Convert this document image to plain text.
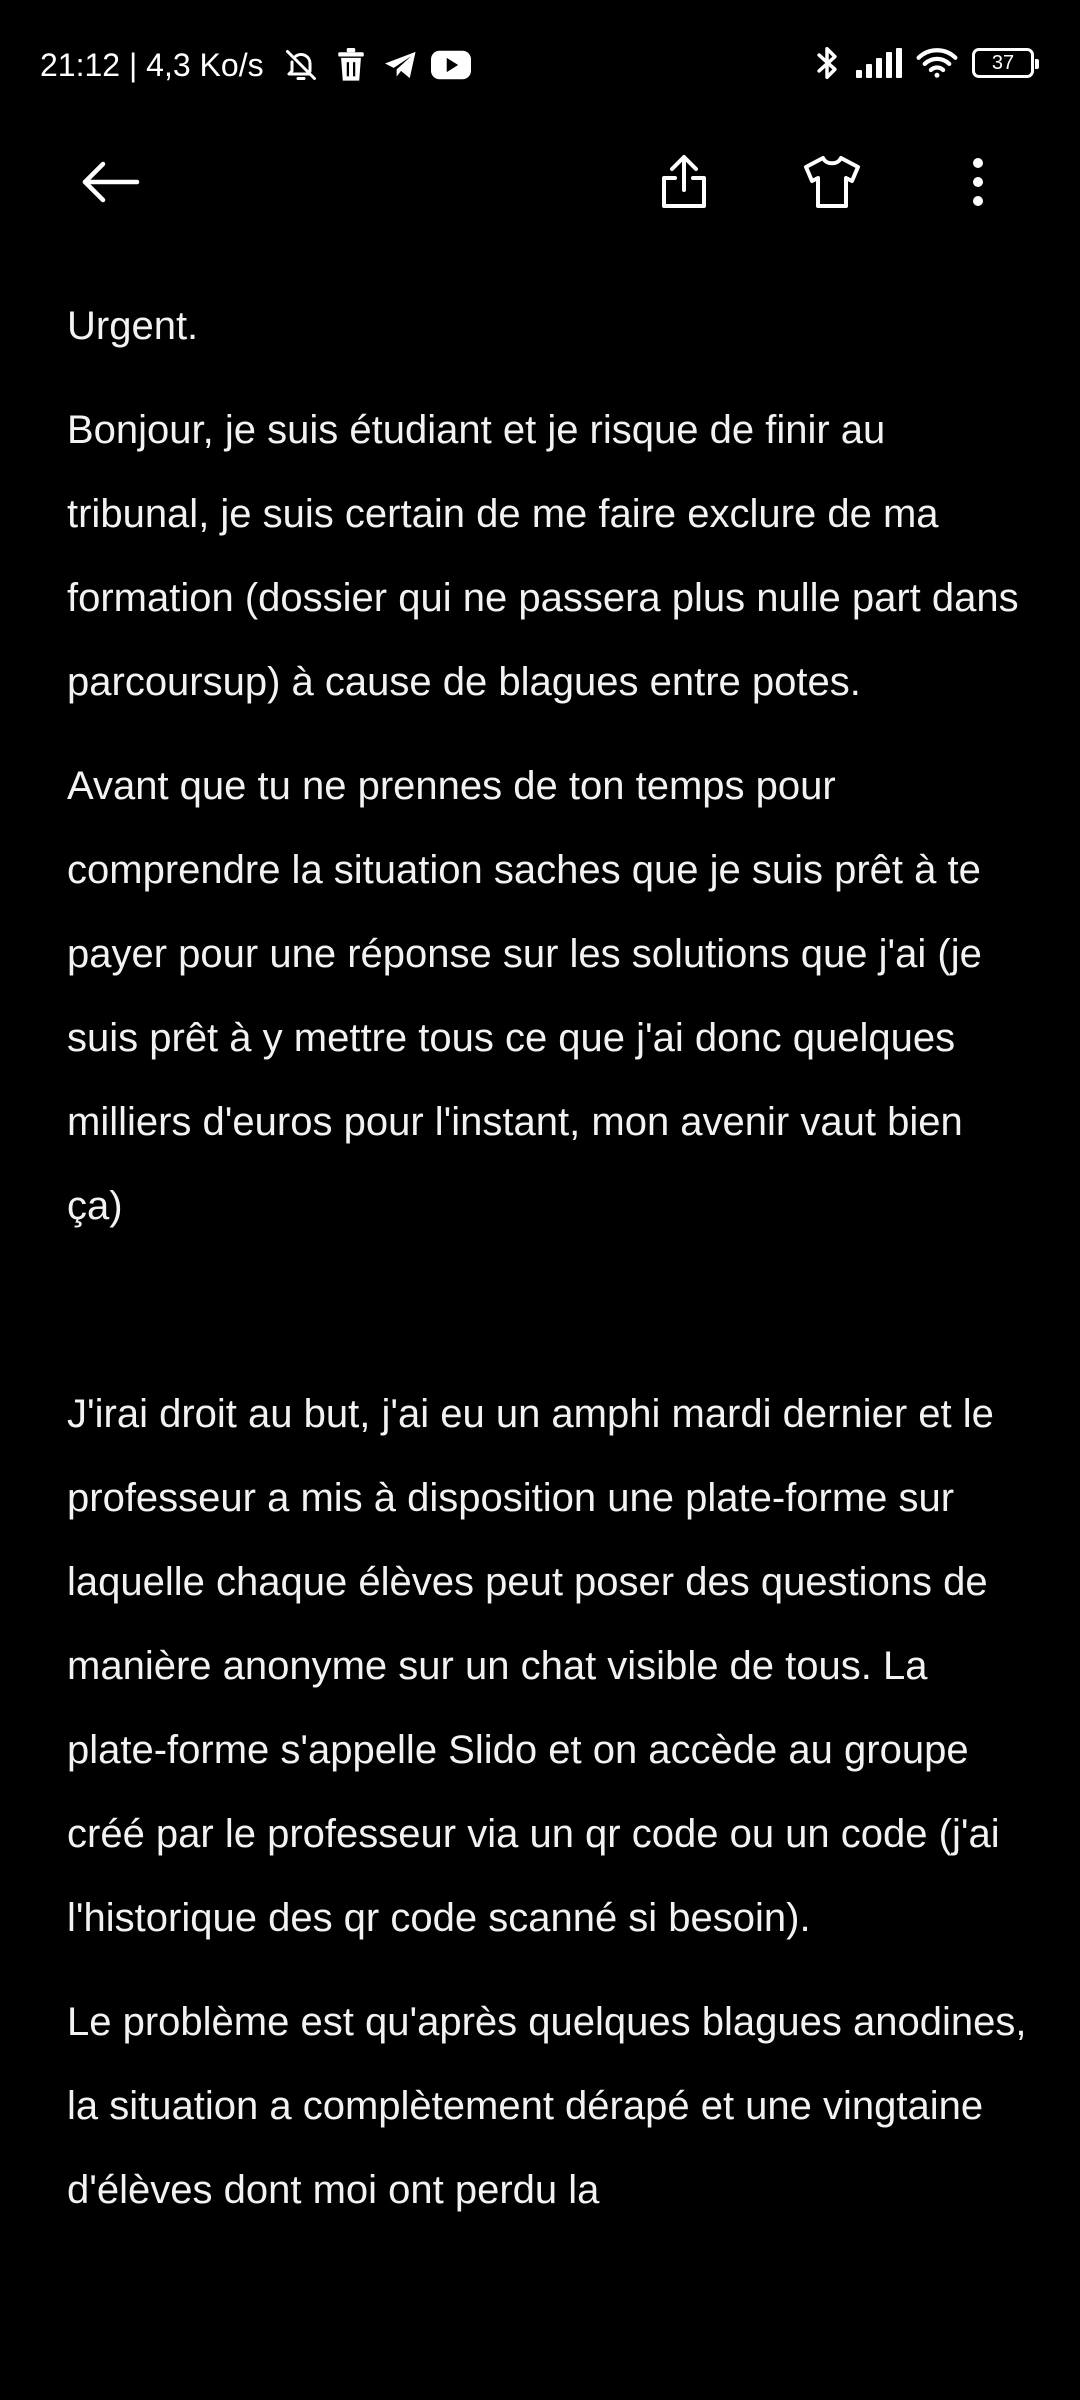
21:12 | 4,3 Ko/s	37

Urgent.

Bonjour, je suis étudiant et je risque de finir au tribunal, je suis certain de me faire exclure de ma formation (dossier qui ne passera plus nulle part dans parcoursup) à cause de blagues entre potes.

Avant que tu ne prennes de ton temps pour comprendre la situation saches que je suis prêt à te payer pour une réponse sur les solutions que j'ai (je suis prêt à y mettre tous ce que j'ai donc quelques milliers d'euros pour l'instant, mon avenir vaut bien ça)

J'irai droit au but, j'ai eu un amphi mardi dernier et le professeur a mis à disposition une plate-forme sur laquelle chaque élèves peut poser des questions de manière anonyme sur un chat visible de tous. La plate-forme s'appelle Slido et on accède au groupe créé par le professeur via un qr code ou un code (j'ai l'historique des qr code scanné si besoin).

Le problème est qu'après quelques blagues anodines, la situation a complètement dérapé et une vingtaine d'élèves dont moi ont perdu la
